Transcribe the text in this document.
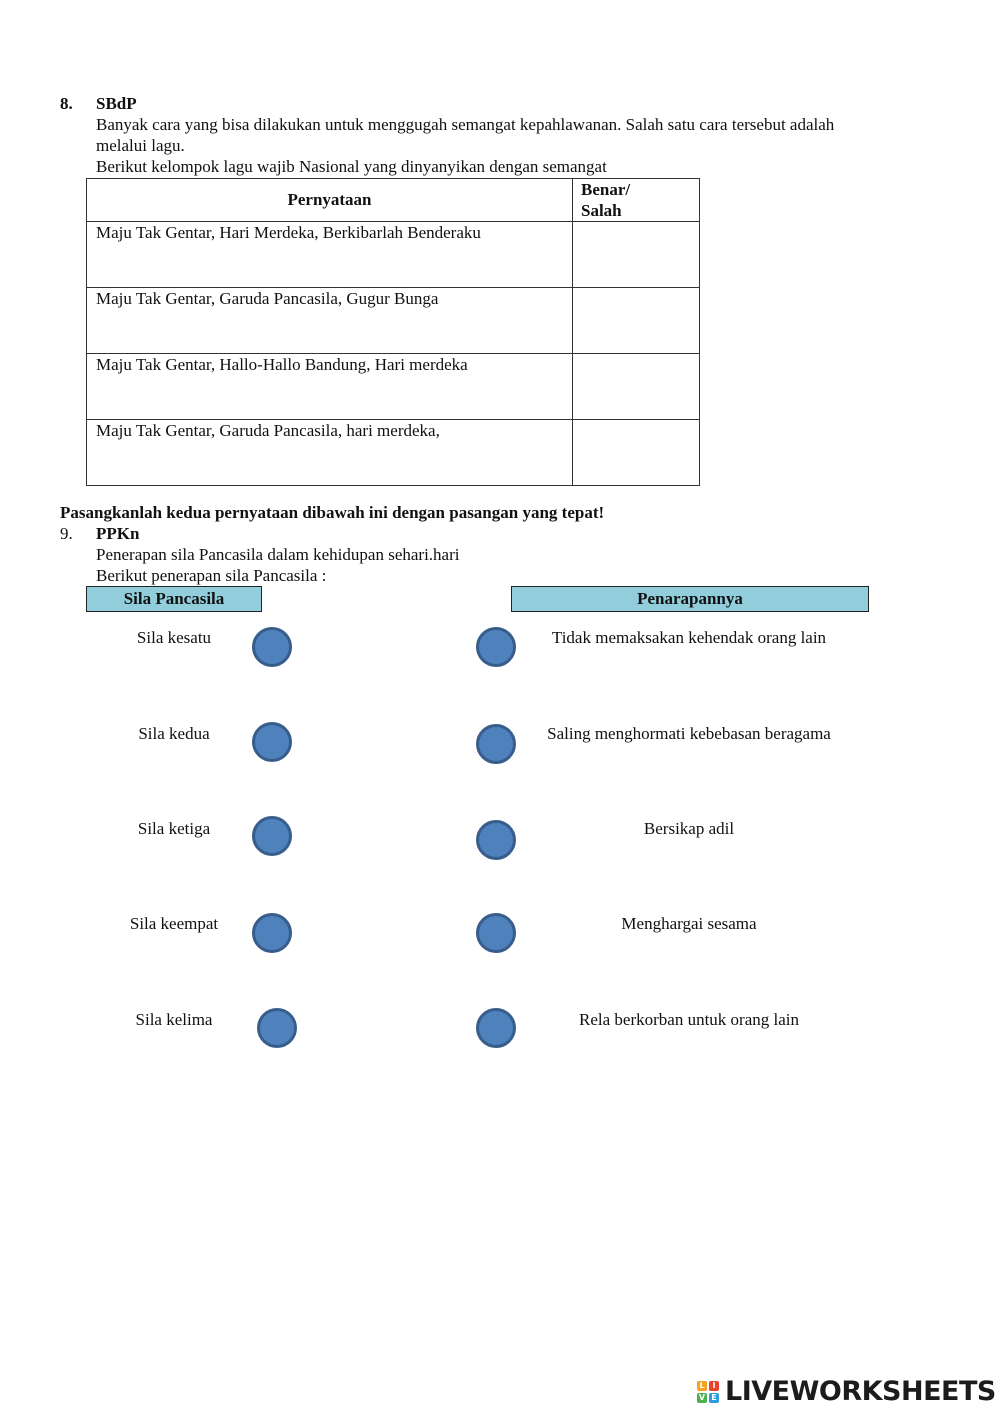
8. SBdP
Banyak cara yang bisa dilakukan untuk menggugah semangat kepahlawanan. Salah satu cara tersebut adalah
melalui lagu.
Berikut kelompok lagu wajib Nasional yang dinyanyikan dengan semangat
Pernyataan	Benar/
Salah

Maju Tak Gentar, Hari Merdeka, Berkibarlah Benderaku	
Maju Tak Gentar, Garuda Pancasila, Gugur Bunga	
Maju Tak Gentar, Hallo-Hallo Bandung, Hari merdeka	
Maju Tak Gentar, Garuda Pancasila, hari merdeka,	
Pasangkanlah kedua pernyataan dibawah ini dengan pasangan yang tepat!
9. PPKn
Penerapan sila Pancasila dalam kehidupan sehari.hari
Berikut penerapan sila Pancasila :
Sila Pancasila	Penarapannya
Sila kesatu
Sila kedua
Sila ketiga
Sila keempat
Sila kelima
Tidak memaksakan kehendak orang lain
Saling menghormati kebebasan beragama
Bersikap adil
Menghargai sesama
Rela berkorban untuk orang lain
L I
V E LIVEWORKSHEETS
